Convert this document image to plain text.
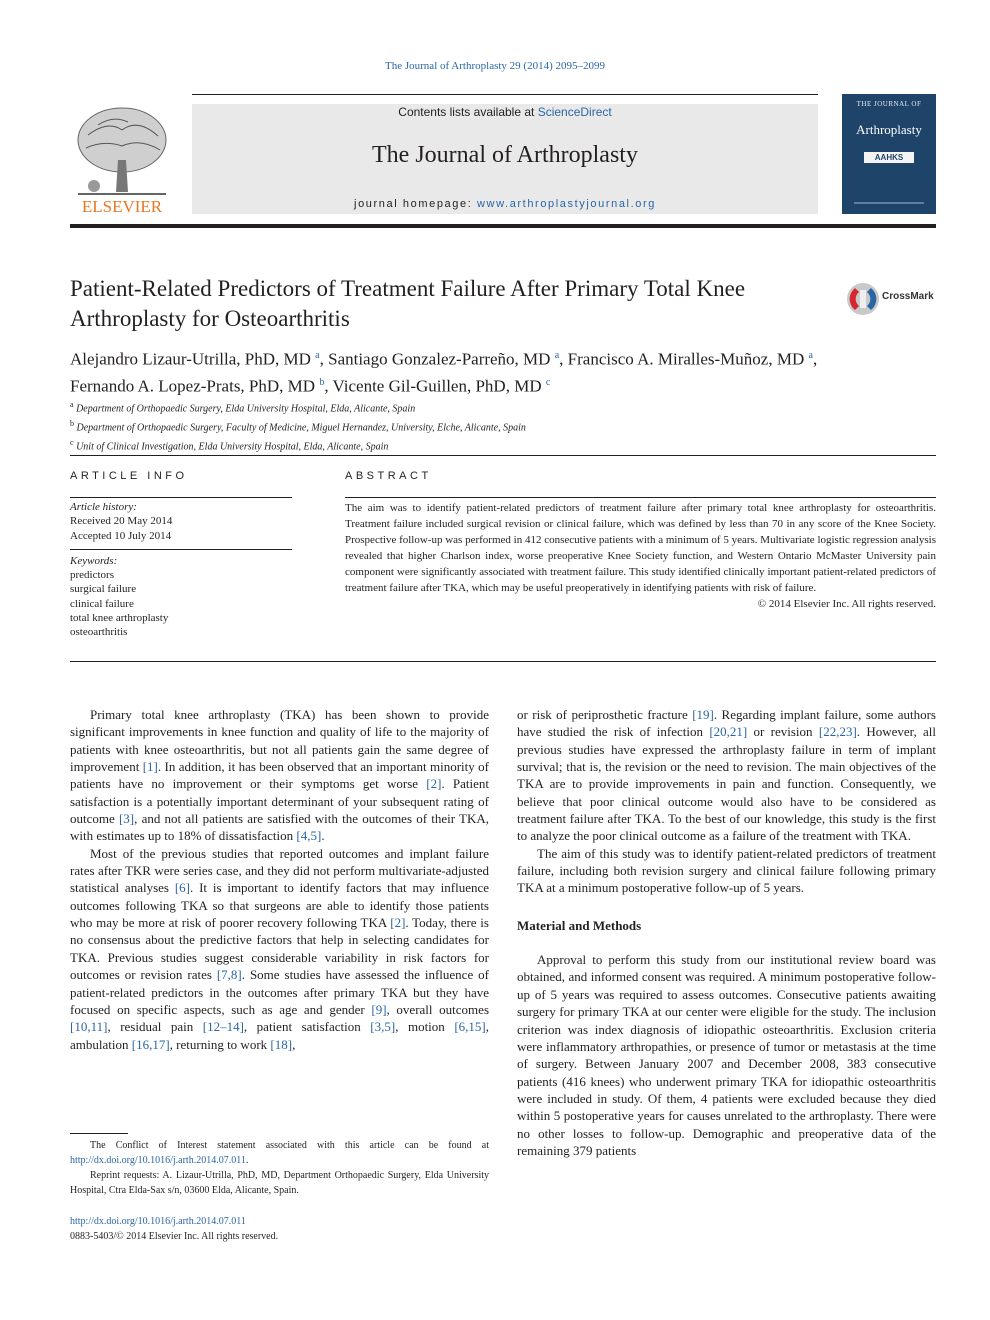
The Journal of Arthroplasty 29 (2014) 2095–2099
ELSEVIER
Contents lists available at ScienceDirect
The Journal of Arthroplasty
journal homepage: www.arthroplastyjournal.org
THE JOURNAL OF
Arthroplasty
AAHKS
Patient-Related Predictors of Treatment Failure After Primary Total Knee Arthroplasty for Osteoarthritis
CrossMark
Alejandro Lizaur-Utrilla, PhD, MD $^a$, Santiago Gonzalez-Parreño, MD $^a$, Francisco A. Miralles-Muñoz, MD $^a$,
Fernando A. Lopez-Prats, PhD, MD $^b$, Vicente Gil-Guillen, PhD, MD $^c$
$^a$ Department of Orthopaedic Surgery, Elda University Hospital, Elda, Alicante, Spain
$^b$ Department of Orthopaedic Surgery, Faculty of Medicine, Miguel Hernandez, University, Elche, Alicante, Spain
$^c$ Unit of Clinical Investigation, Elda University Hospital, Elda, Alicante, Spain
ARTICLE INFO	ABSTRACT
Article history:
Received 20 May 2014
Accepted 10 July 2014
Keywords:
predictors
surgical failure
clinical failure
total knee arthroplasty
osteoarthritis
The aim was to identify patient-related predictors of treatment failure after primary total knee arthroplasty for osteoarthritis. Treatment failure included surgical revision or clinical failure, which was defined by less than 70 in any score of the Knee Society. Prospective follow-up was performed in 412 consecutive patients with a minimum of 5 years. Multivariate logistic regression analysis revealed that higher Charlson index, worse preoperative Knee Society function, and Western Ontario McMaster University pain component were significantly associated with treatment failure. This study identified clinically important patient-related predictors of treatment failure after TKA, which may be useful preoperatively in identifying patients with risk of failure.
© 2014 Elsevier Inc. All rights reserved.

Primary total knee arthroplasty (TKA) has been shown to provide significant improvements in knee function and quality of life to the majority of patients with knee osteoarthritis, but not all patients gain the same degree of improvement [1]. In addition, it has been observed that an important minority of patients have no improvement or their symptoms get worse [2]. Patient satisfaction is a potentially important determinant of your subsequent rating of outcome [3], and not all patients are satisfied with the outcomes of their TKA, with estimates up to 18% of dissatisfaction [4,5].

Most of the previous studies that reported outcomes and implant failure rates after TKR were series case, and they did not perform multivariate-adjusted statistical analyses [6]. It is important to identify factors that may influence outcomes following TKA so that surgeons are able to identify those patients who may be more at risk of poorer recovery following TKA [2]. Today, there is no consensus about the predictive factors that help in selecting candidates for TKA. Previous studies suggest considerable variability in risk factors for outcomes or revision rates [7,8]. Some studies have assessed the influence of patient-related predictors in the outcomes after primary TKA but they have focused on specific aspects, such as age and gender [9], overall outcomes [10,11], residual pain [12–14], patient satisfaction [3,5], motion [6,15], ambulation [16,17], returning to work [18],

or risk of periprosthetic fracture [19]. Regarding implant failure, some authors have studied the risk of infection [20,21] or revision [22,23]. However, all previous studies have expressed the arthroplasty failure in term of implant survival; that is, the revision or the need to revision. The main objectives of the TKA are to provide improvements in pain and function. Consequently, we believe that poor clinical outcome would also have to be considered as treatment failure after TKA. To the best of our knowledge, this study is the first to analyze the poor clinical outcome as a failure of the treatment with TKA.

The aim of this study was to identify patient-related predictors of treatment failure, including both revision surgery and clinical failure following primary TKA at a minimum postoperative follow-up of 5 years.

Material and Methods

Approval to perform this study from our institutional review board was obtained, and informed consent was required. A minimum postoperative follow-up of 5 years was required to assess outcomes. Consecutive patients awaiting surgery for primary TKA at our center were eligible for the study. The inclusion criterion was index diagnosis of idiopathic osteoarthritis. Exclusion criteria were inflammatory arthropathies, or presence of tumor or metastasis at the time of surgery. Between January 2007 and December 2008, 383 consecutive patients (416 knees) who underwent primary TKA for idiopathic osteoarthritis were included in study. Of them, 4 patients were excluded because they died within 5 postoperative years for causes unrelated to the arthroplasty. There were no other losses to follow-up. Demographic and preoperative data of the remaining 379 patients

The Conflict of Interest statement associated with this article can be found at http://dx.doi.org/10.1016/j.arth.2014.07.011.

Reprint requests: A. Lizaur-Utrilla, PhD, MD, Department Orthopaedic Surgery, Elda University Hospital, Ctra Elda-Sax s/n, 03600 Elda, Alicante, Spain.

http://dx.doi.org/10.1016/j.arth.2014.07.011
0883-5403/© 2014 Elsevier Inc. All rights reserved.
